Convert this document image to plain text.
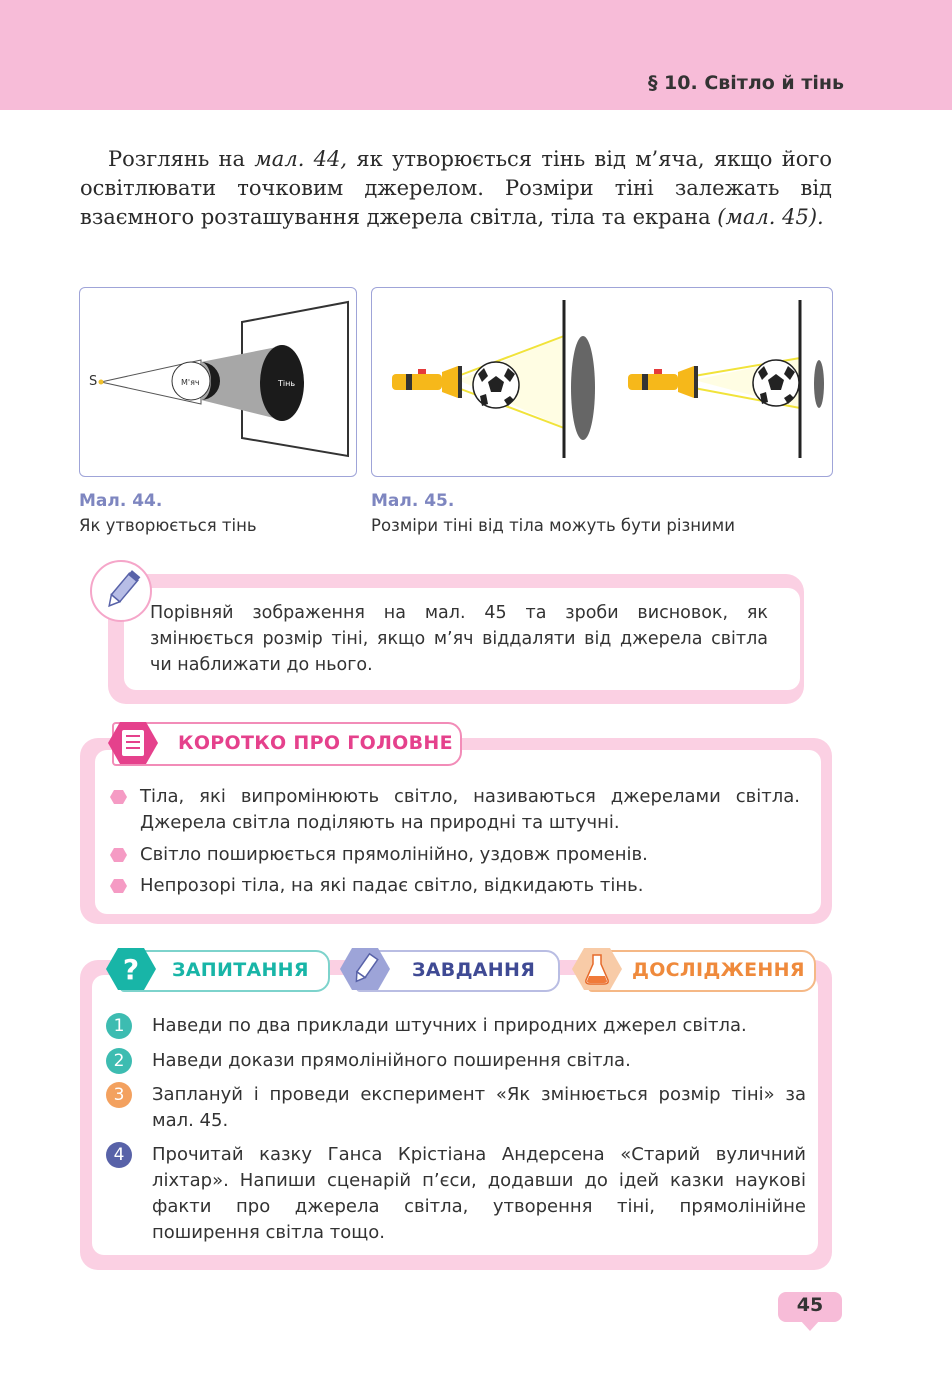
§ 10. Світло й тінь

Розглянь на мал. 44, як утворюється тінь від м’яча, якщо його освітлювати точковим джерелом. Розміри тіні залежать від взаємного розташування джерела світла, тіла та екрана (мал. 45).

S	М'яч	Тінь
Мал. 44.
Як утворюється тінь
Мал. 45.
Розміри тіні від тіла можуть бути різними
Порівняй зображення на мал. 45 та зроби висновок, як змінюється розмір тіні, якщо м’яч віддаляти від джерела світла чи наближати до нього.
КОРОТКО ПРО ГОЛОВНЕ
Тіла, які випромінюють світло, називаються джерелами світла. Джерела світла поділяють на природні та штучні.
Світло поширюється прямолінійно, уздовж променів.
Непрозорі тіла, на які падає світло, відкидають тінь.
? ЗАПИТАННЯ	ЗАВДАННЯ	ДОСЛІДЖЕННЯ
1	Наведи по два приклади штучних і природних джерел світла.
2	Наведи докази прямолінійного поширення світла.
3	Заплануй і проведи експеримент «Як змінюється розмір тіні» за мал. 45.
4	Прочитай казку Ганса Крістіана Андерсена «Старий вуличний ліхтар». Напиши сценарій п’єси, додавши до ідей казки наукові факти про джерела світла, утворення тіні, прямолінійне поширення світла тощо.
45
